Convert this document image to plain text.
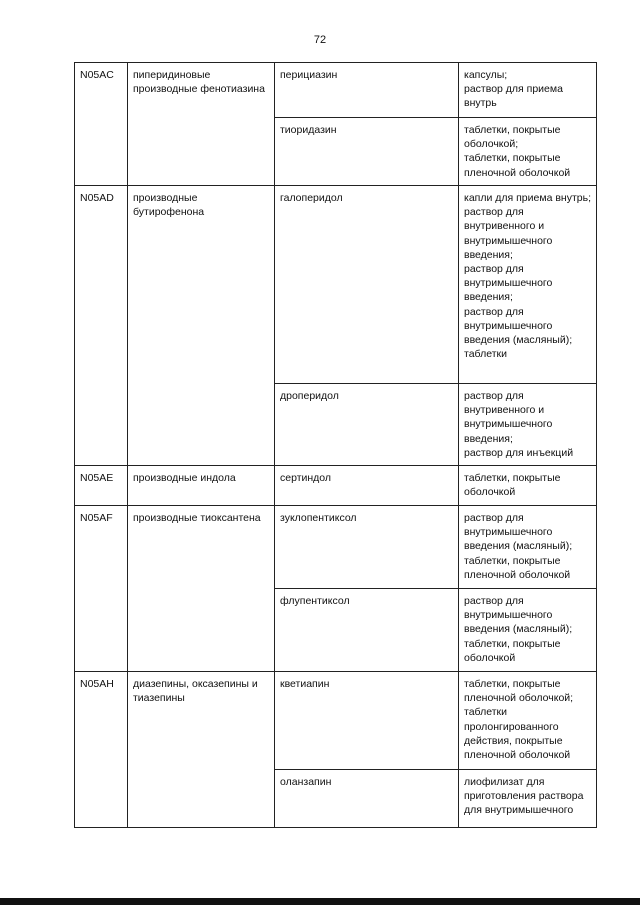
72
N05AC	пиперидиновые производные фенотиазина	перициазин	капсулы;
раствор для приема внутрь
		тиоридазин	таблетки, покрытые оболочкой;
таблетки, покрытые пленочной оболочкой
N05AD	производные бутирофенона	галоперидол	капли для приема внутрь;
раствор для внутривенного и внутримышечного введения;
раствор для внутримышечного введения;
раствор для внутримышечного введения (масляный);
таблетки
		дроперидол	раствор для внутривенного и внутримышечного введения;
раствор для инъекций
N05AE	производные индола	сертиндол	таблетки, покрытые оболочкой
N05AF	производные тиоксантена	зуклопентиксол	раствор для внутримышечного введения (масляный);
таблетки, покрытые пленочной оболочкой
		флупентиксол	раствор для внутримышечного введения (масляный);
таблетки, покрытые оболочкой
N05AH	диазепины, оксазепины и тиазепины	кветиапин	таблетки, покрытые пленочной оболочкой;
таблетки пролонгированного действия, покрытые пленочной оболочкой
		оланзапин	лиофилизат для приготовления раствора для внутримышечного
